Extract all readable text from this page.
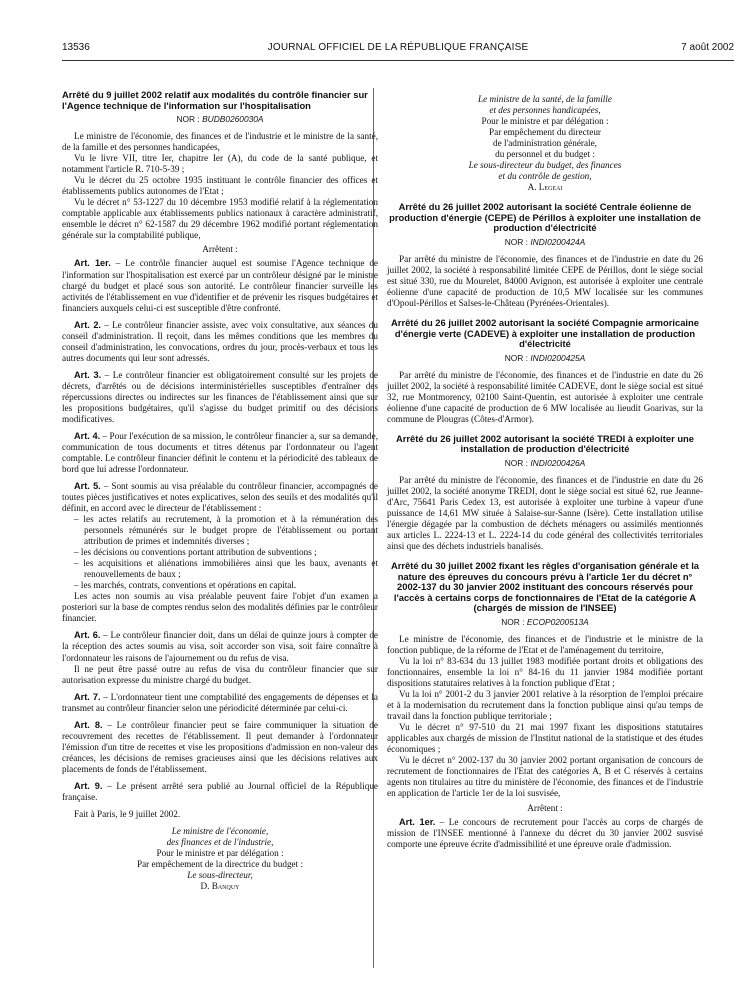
13536	JOURNAL OFFICIEL DE LA RÉPUBLIQUE FRANÇAISE	7 août 2002
Arrêté du 9 juillet 2002 relatif aux modalités du contrôle financier sur l'Agence technique de l'information sur l'hospitalisation
NOR : BUDB0260030A

Le ministre de l'économie, des finances et de l'industrie et le ministre de la santé, de la famille et des personnes handicapées,

Vu le livre VII, titre Ier, chapitre Ier (A), du code de la santé publique, et notamment l'article R. 710-5-39 ;

Vu le décret du 25 octobre 1935 instituant le contrôle financier des offices et établissements publics autonomes de l'Etat ;

Vu le décret n° 53-1227 du 10 décembre 1953 modifié relatif à la réglementation comptable applicable aux établissements publics nationaux à caractère administratif, ensemble le décret n° 62-1587 du 29 décembre 1962 modifié portant réglementation générale sur la comptabilité publique,

Arrêtent :

Art. 1er. – Le contrôle financier auquel est soumise l'Agence technique de l'information sur l'hospitalisation est exercé par un contrôleur désigné par le ministre chargé du budget et placé sous son autorité. Le contrôleur financier surveille les activités de l'établissement en vue d'identifier et de prévenir les risques budgétaires et financiers auxquels celui-ci est susceptible d'être confronté.

Art. 2. – Le contrôleur financier assiste, avec voix consultative, aux séances du conseil d'administration. Il reçoit, dans les mêmes conditions que les membres du conseil d'administration, les convocations, ordres du jour, procès-verbaux et tous les autres documents qui leur sont adressés.

Art. 3. – Le contrôleur financier est obligatoirement consulté sur les projets de décrets, d'arrêtés ou de décisions interministérielles susceptibles d'entraîner des répercussions directes ou indirectes sur les finances de l'établissement ainsi que sur les propositions budgétaires, qu'il s'agisse du budget primitif ou des décisions modificatives.

Art. 4. – Pour l'exécution de sa mission, le contrôleur financier a, sur sa demande, communication de tous documents et titres détenus par l'ordonnateur ou l'agent comptable. Le contrôleur financier définit le contenu et la périodicité des tableaux de bord que lui adresse l'ordonnateur.

Art. 5. – Sont soumis au visa préalable du contrôleur financier, accompagnés de toutes pièces justificatives et notes explicatives, selon des seuils et des modalités qu'il définit, en accord avec le directeur de l'établissement :

– les actes relatifs au recrutement, à la promotion et à la rémunération des personnels rémunérés sur le budget propre de l'établissement ou portant attribution de primes et indemnités diverses ;
– les décisions ou conventions portant attribution de subventions ;
– les acquisitions et aliénations immobilières ainsi que les baux, avenants et renouvellements de baux ;
– les marchés, contrats, conventions et opérations en capital.

Les actes non soumis au visa préalable peuvent faire l'objet d'un examen a posteriori sur la base de comptes rendus selon des modalités définies par le contrôleur financier.

Art. 6. – Le contrôleur financier doit, dans un délai de quinze jours à compter de la réception des actes soumis au visa, soit accorder son visa, soit faire connaître à l'ordonnateur les raisons de l'ajournement ou du refus de visa.

Il ne peut être passé outre au refus de visa du contrôleur financier que sur autorisation expresse du ministre chargé du budget.

Art. 7. – L'ordonnateur tient une comptabilité des engagements de dépenses et la transmet au contrôleur financier selon une périodicité déterminée par celui-ci.

Art. 8. – Le contrôleur financier peut se faire communiquer la situation de recouvrement des recettes de l'établissement. Il peut demander à l'ordonnateur l'émission d'un titre de recettes et vise les propositions d'admission en non-valeur des créances, les décisions de remises gracieuses ainsi que les décisions relatives aux placements de fonds de l'établissement.

Art. 9. – Le présent arrêté sera publié au Journal officiel de la République française.

Fait à Paris, le 9 juillet 2002.

Le ministre de l'économie,
des finances et de l'industrie,
Pour le ministre et par délégation :
Par empêchement de la directrice du budget :
Le sous-directeur,
D. Banquy
Le ministre de la santé, de la famille
et des personnes handicapées,
Pour le ministre et par délégation :
Par empêchement du directeur
de l'administration générale,
du personnel et du budget :
Le sous-directeur du budget, des finances
et du contrôle de gestion,
A. Legeai
Arrêté du 26 juillet 2002 autorisant la société Centrale éolienne de production d'énergie (CEPE) de Périllos à exploiter une installation de production d'électricité
NOR : INDI0200424A

Par arrêté du ministre de l'économie, des finances et de l'industrie en date du 26 juillet 2002, la société à responsabilité limitée CEPE de Périllos, dont le siège social est situé 330, rue du Mourelet, 84000 Avignon, est autorisée à exploiter une centrale éolienne d'une capacité de production de 10,5 MW localisée sur les communes d'Opoul-Périllos et Salses-le-Château (Pyrénées-Orientales).

Arrêté du 26 juillet 2002 autorisant la société Compagnie armoricaine d'énergie verte (CADEVE) à exploiter une installation de production d'électricité
NOR : INDI0200425A

Par arrêté du ministre de l'économie, des finances et de l'industrie en date du 26 juillet 2002, la société à responsabilité limitée CADEVE, dont le siège social est situé 32, rue Montmorency, 02100 Saint-Quentin, est autorisée à exploiter une centrale éolienne d'une capacité de production de 6 MW localisée au lieudit Goarivas, sur la commune de Plougras (Côtes-d'Armor).

Arrêté du 26 juillet 2002 autorisant la société TREDI à exploiter une installation de production d'électricité
NOR : INDI0200426A

Par arrêté du ministre de l'économie, des finances et de l'industrie en date du 26 juillet 2002, la société anonyme TREDI, dont le siège social est situé 62, rue Jeanne-d'Arc, 75641 Paris Cedex 13, est autorisée à exploiter une turbine à vapeur d'une puissance de 14,61 MW située à Salaise-sur-Sanne (Isère). Cette installation utilise l'énergie dégagée par la combustion de déchets ménagers ou assimilés mentionnés aux articles L. 2224-13 et L. 2224-14 du code général des collectivités territoriales ainsi que des déchets industriels banalisés.

Arrêté du 30 juillet 2002 fixant les règles d'organisation générale et la nature des épreuves du concours prévu à l'article 1er du décret n° 2002-137 du 30 janvier 2002 instituant des concours réservés pour l'accès à certains corps de fonctionnaires de l'Etat de la catégorie A (chargés de mission de l'INSEE)
NOR : ECOP0200513A

Le ministre de l'économie, des finances et de l'industrie et le ministre de la fonction publique, de la réforme de l'Etat et de l'aménagement du territoire,

Vu la loi n° 83-634 du 13 juillet 1983 modifiée portant droits et obligations des fonctionnaires, ensemble la loi n° 84-16 du 11 janvier 1984 modifiée portant dispositions statutaires relatives à la fonction publique d'Etat ;

Vu la loi n° 2001-2 du 3 janvier 2001 relative à la résorption de l'emploi précaire et à la modernisation du recrutement dans la fonction publique ainsi qu'au temps de travail dans la fonction publique territoriale ;

Vu le décret n° 97-510 du 21 mai 1997 fixant les dispositions statutaires applicables aux chargés de mission de l'Institut national de la statistique et des études économiques ;

Vu le décret n° 2002-137 du 30 janvier 2002 portant organisation de concours de recrutement de fonctionnaires de l'Etat des catégories A, B et C réservés à certains agents non titulaires au titre du ministère de l'économie, des finances et de l'industrie en application de l'article 1er de la loi susvisée,

Arrêtent :

Art. 1er. – Le concours de recrutement pour l'accès au corps de chargés de mission de l'INSEE mentionné à l'annexe du décret du 30 janvier 2002 susvisé comporte une épreuve écrite d'admissibilité et une épreuve orale d'admission.
